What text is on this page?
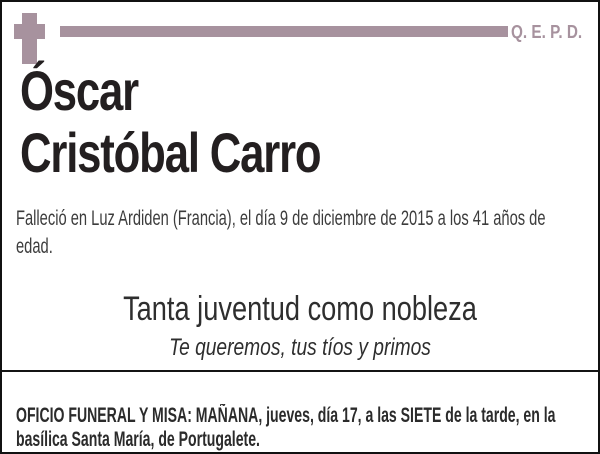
Q. E. P. D.
Óscar
Cristóbal Carro
Falleció en Luz Ardiden (Francia), el día 9 de diciembre de 2015 a los 41 años de
edad.
Tanta juventud como nobleza
Te queremos, tus tíos y primos
OFICIO FUNERAL Y MISA: MAÑANA, jueves, día 17, a las SIETE de la tarde, en la
basílica Santa María, de Portugalete.
